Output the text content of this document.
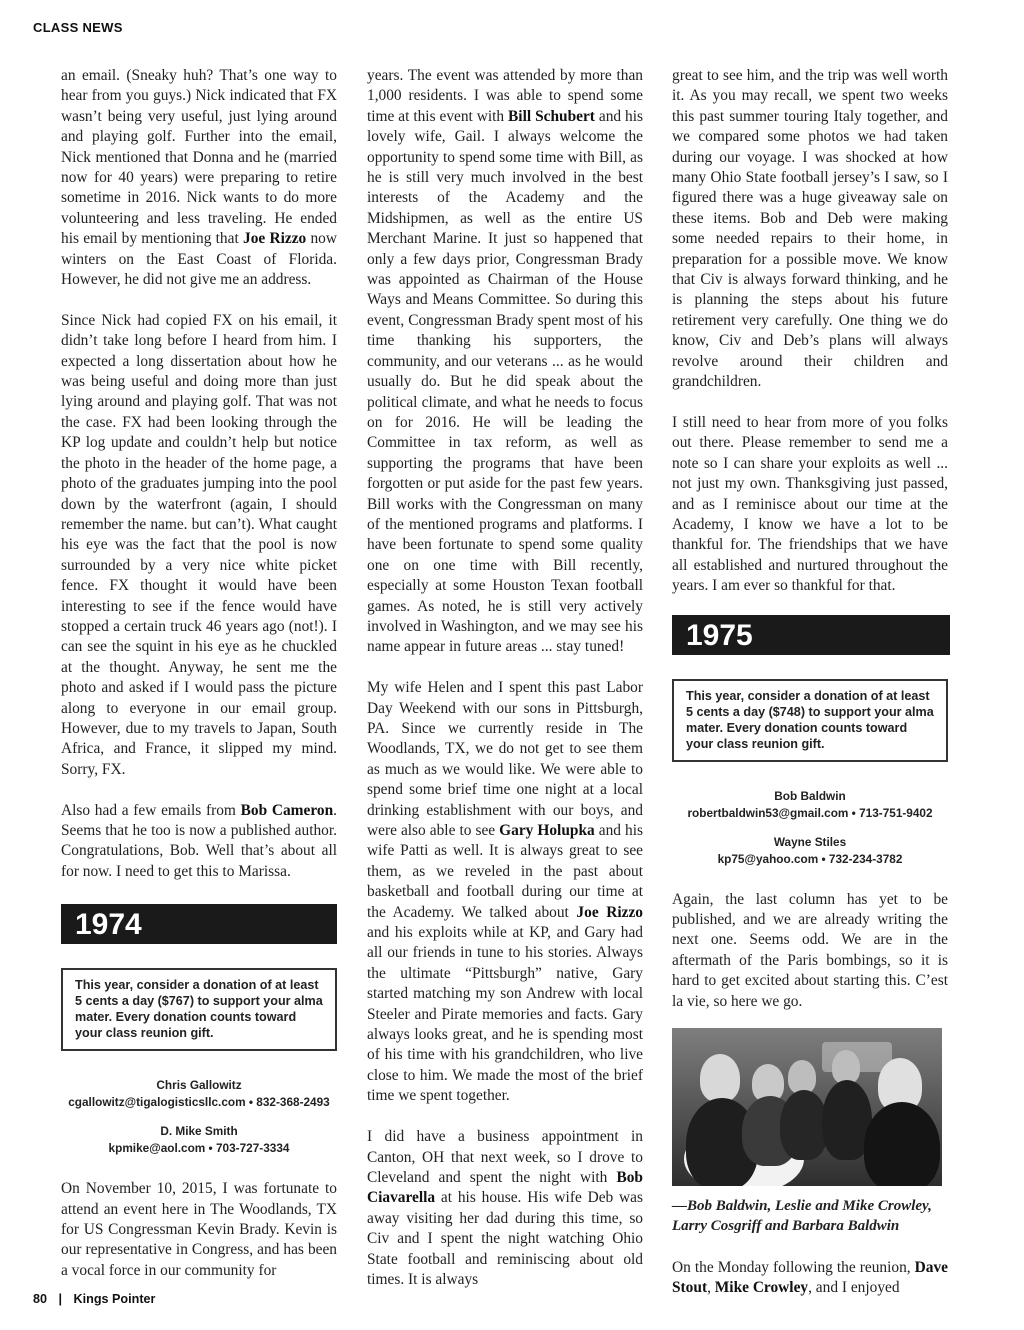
CLASS NEWS

an email. (Sneaky huh? That’s one way to hear from you guys.) Nick indicated that FX wasn’t being very useful, just lying around and playing golf. Further into the email, Nick mentioned that Donna and he (married now for 40 years) were preparing to retire sometime in 2016. Nick wants to do more volunteering and less traveling. He ended his email by mentioning that Joe Rizzo now winters on the East Coast of Florida. However, he did not give me an address.

Since Nick had copied FX on his email, it didn’t take long before I heard from him. I expected a long dissertation about how he was being useful and doing more than just lying around and playing golf. That was not the case. FX had been looking through the KP log update and couldn’t help but notice the photo in the header of the home page, a photo of the graduates jumping into the pool down by the waterfront (again, I should remember the name. but can’t). What caught his eye was the fact that the pool is now surrounded by a very nice white picket fence. FX thought it would have been interesting to see if the fence would have stopped a certain truck 46 years ago (not!). I can see the squint in his eye as he chuckled at the thought. Anyway, he sent me the photo and asked if I would pass the picture along to everyone in our email group. However, due to my travels to Japan, South Africa, and France, it slipped my mind. Sorry, FX.

Also had a few emails from Bob Cameron. Seems that he too is now a published author. Congratulations, Bob. Well that’s about all for now. I need to get this to Marissa.

1974
This year, consider a donation of at least 5 cents a day ($767) to support your alma mater. Every donation counts toward your class reunion gift.
Chris Gallowitz
cgallowitz@tigalogisticsllc.com • 832-368-2493
D. Mike Smith
kpmike@aol.com • 703-727-3334

On November 10, 2015, I was fortunate to attend an event here in The Woodlands, TX for US Congressman Kevin Brady. Kevin is our representative in Congress, and has been a vocal force in our community for

years. The event was attended by more than 1,000 residents. I was able to spend some time at this event with Bill Schubert and his lovely wife, Gail. I always welcome the opportunity to spend some time with Bill, as he is still very much involved in the best interests of the Academy and the Midshipmen, as well as the entire US Merchant Marine. It just so happened that only a few days prior, Congressman Brady was appointed as Chairman of the House Ways and Means Committee. So during this event, Congressman Brady spent most of his time thanking his supporters, the community, and our veterans ... as he would usually do. But he did speak about the political climate, and what he needs to focus on for 2016. He will be leading the Committee in tax reform, as well as supporting the programs that have been forgotten or put aside for the past few years. Bill works with the Congressman on many of the mentioned programs and platforms. I have been fortunate to spend some quality one on one time with Bill recently, especially at some Houston Texan football games. As noted, he is still very actively involved in Washington, and we may see his name appear in future areas ... stay tuned!

My wife Helen and I spent this past Labor Day Weekend with our sons in Pittsburgh, PA. Since we currently reside in The Woodlands, TX, we do not get to see them as much as we would like. We were able to spend some brief time one night at a local drinking establishment with our boys, and were also able to see Gary Holupka and his wife Patti as well. It is always great to see them, as we reveled in the past about basketball and football during our time at the Academy. We talked about Joe Rizzo and his exploits while at KP, and Gary had all our friends in tune to his stories. Always the ultimate “Pittsburgh” native, Gary started matching my son Andrew with local Steeler and Pirate memories and facts. Gary always looks great, and he is spending most of his time with his grandchildren, who live close to him. We made the most of the brief time we spent together.

I did have a business appointment in Canton, OH that next week, so I drove to Cleveland and spent the night with Bob Ciavarella at his house. His wife Deb was away visiting her dad during this time, so Civ and I spent the night watching Ohio State football and reminiscing about old times. It is always

great to see him, and the trip was well worth it. As you may recall, we spent two weeks this past summer touring Italy together, and we compared some photos we had taken during our voyage. I was shocked at how many Ohio State football jersey’s I saw, so I figured there was a huge giveaway sale on these items. Bob and Deb were making some needed repairs to their home, in preparation for a possible move. We know that Civ is always forward thinking, and he is planning the steps about his future retirement very carefully. One thing we do know, Civ and Deb’s plans will always revolve around their children and grandchildren.

I still need to hear from more of you folks out there. Please remember to send me a note so I can share your exploits as well ... not just my own. Thanksgiving just passed, and as I reminisce about our time at the Academy, I know we have a lot to be thankful for. The friendships that we have all established and nurtured throughout the years. I am ever so thankful for that.

1975
This year, consider a donation of at least 5 cents a day ($748) to support your alma mater. Every donation counts toward your class reunion gift.
Bob Baldwin
robertbaldwin53@gmail.com • 713-751-9402
Wayne Stiles
kp75@yahoo.com • 732-234-3782

Again, the last column has yet to be published, and we are already writing the next one. Seems odd. We are in the aftermath of the Paris bombings, so it is hard to get excited about starting this. C’est la vie, so here we go.

—Bob Baldwin, Leslie and Mike Crowley, Larry Cosgriff and Barbara Baldwin

On the Monday following the reunion, Dave Stout, Mike Crowley, and I enjoyed

80 | Kings Pointer
